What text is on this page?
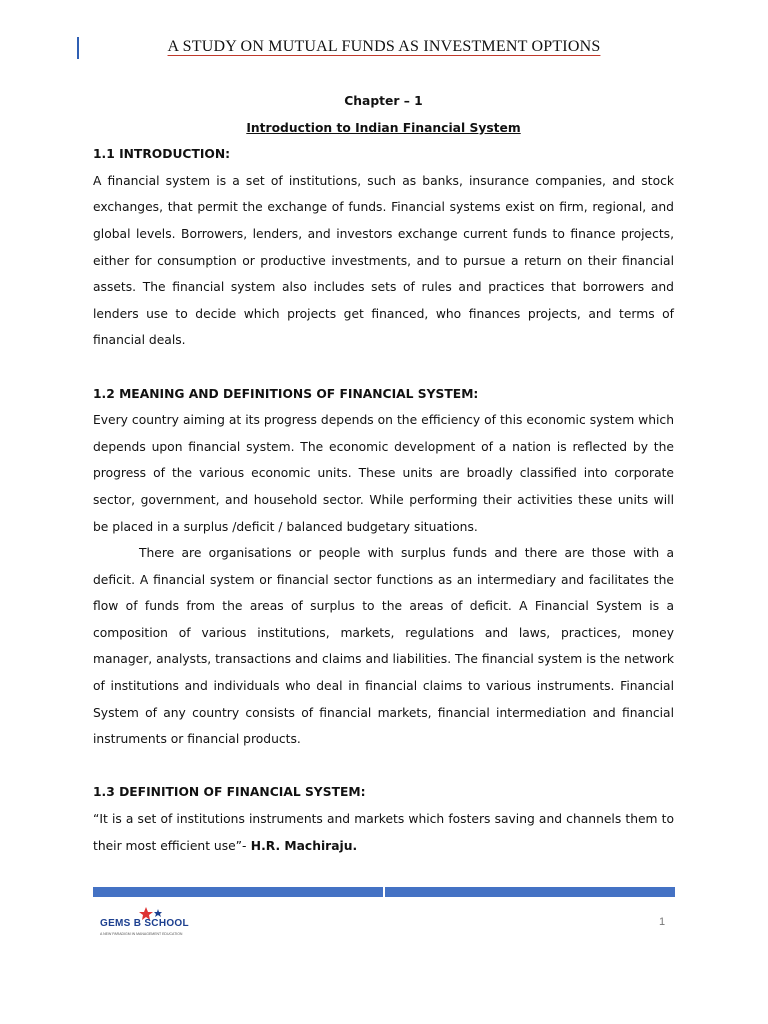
A STUDY ON MUTUAL FUNDS AS INVESTMENT OPTIONS
Chapter – 1
Introduction to Indian Financial System
1.1 INTRODUCTION:

A financial system is a set of institutions, such as banks, insurance companies, and stock exchanges, that permit the exchange of funds. Financial systems exist on firm, regional, and global levels. Borrowers, lenders, and investors exchange current funds to finance projects, either for consumption or productive investments, and to pursue a return on their financial assets. The financial system also includes sets of rules and practices that borrowers and lenders use to decide which projects get financed, who finances projects, and terms of financial deals.

1.2 MEANING AND DEFINITIONS OF FINANCIAL SYSTEM:

Every country aiming at its progress depends on the efficiency of this economic system which depends upon financial system. The economic development of a nation is reflected by the progress of the various economic units. These units are broadly classified into corporate sector, government, and household sector. While performing their activities these units will be placed in a surplus /deficit / balanced budgetary situations.

There are organisations or people with surplus funds and there are those with a deficit. A financial system or financial sector functions as an intermediary and facilitates the flow of funds from the areas of surplus to the areas of deficit. A Financial System is a composition of various institutions, markets, regulations and laws, practices, money manager, analysts, transactions and claims and liabilities. The financial system is the network of institutions and individuals who deal in financial claims to various instruments. Financial System of any country consists of financial markets, financial intermediation and financial instruments or financial products.

1.3 DEFINITION OF FINANCIAL SYSTEM:

“It is a set of institutions instruments and markets which fosters saving and channels them to their most efficient use”- H.R. Machiraju.

GEMS B SCHOOL
A NEW PARADIGM IN MANAGEMENT EDUCATION
1
